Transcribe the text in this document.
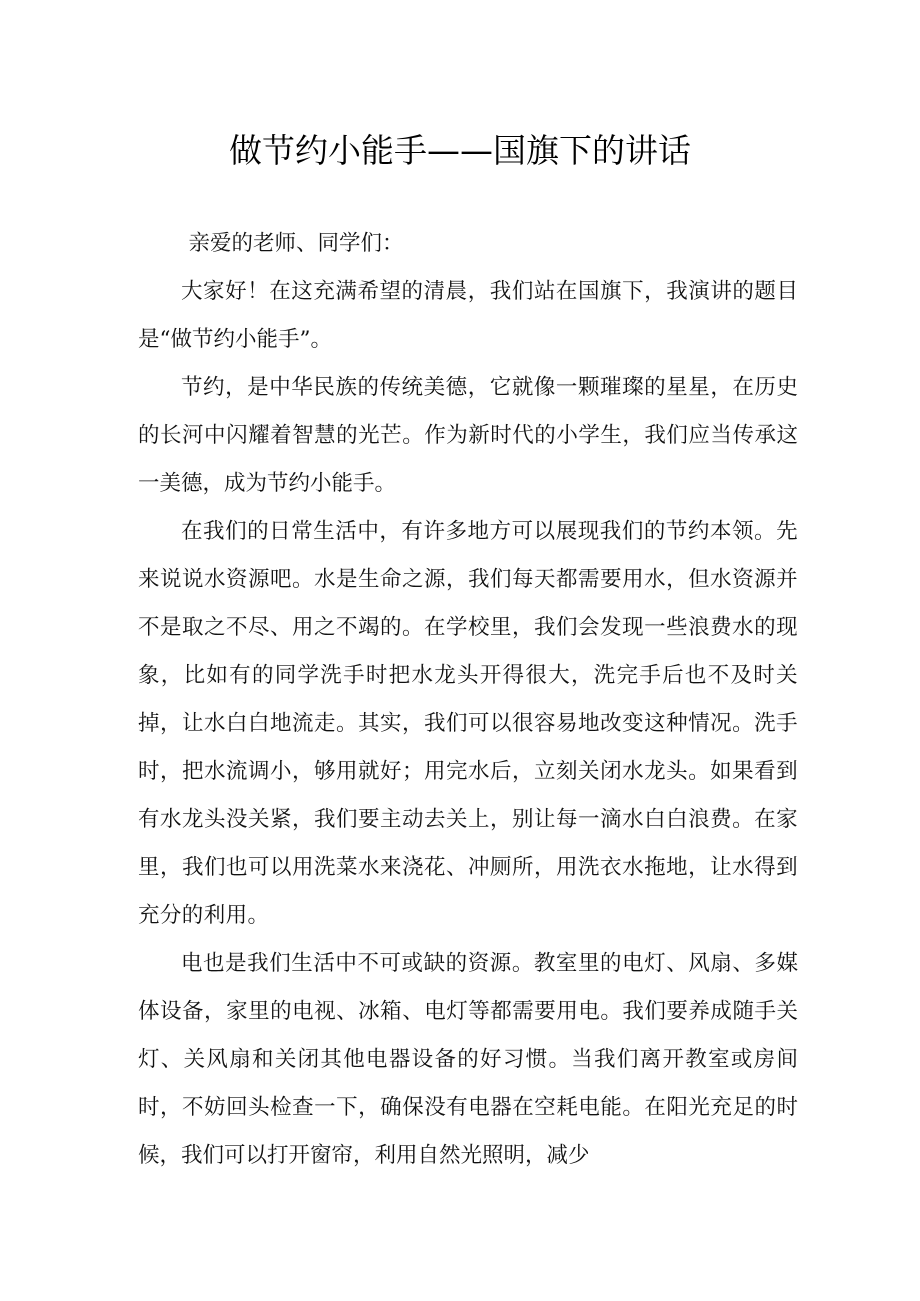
做节约小能手——国旗下的讲话

亲爱的老师、同学们：

大家好！在这充满希望的清晨，我们站在国旗下，我演讲的题目是“做节约小能手”。

节约，是中华民族的传统美德，它就像一颗璀璨的星星，在历史的长河中闪耀着智慧的光芒。作为新时代的小学生，我们应当传承这一美德，成为节约小能手。

在我们的日常生活中，有许多地方可以展现我们的节约本领。先来说说水资源吧。水是生命之源，我们每天都需要用水，但水资源并不是取之不尽、用之不竭的。在学校里，我们会发现一些浪费水的现象，比如有的同学洗手时把水龙头开得很大，洗完手后也不及时关掉，让水白白地流走。其实，我们可以很容易地改变这种情况。洗手时，把水流调小，够用就好；用完水后，立刻关闭水龙头。如果看到有水龙头没关紧，我们要主动去关上，别让每一滴水白白浪费。在家里，我们也可以用洗菜水来浇花、冲厕所，用洗衣水拖地，让水得到充分的利用。

电也是我们生活中不可或缺的资源。教室里的电灯、风扇、多媒体设备，家里的电视、冰箱、电灯等都需要用电。我们要养成随手关灯、关风扇和关闭其他电器设备的好习惯。当我们离开教室或房间时，不妨回头检查一下，确保没有电器在空耗电能。在阳光充足的时候，我们可以打开窗帘，利用自然光照明，减少
